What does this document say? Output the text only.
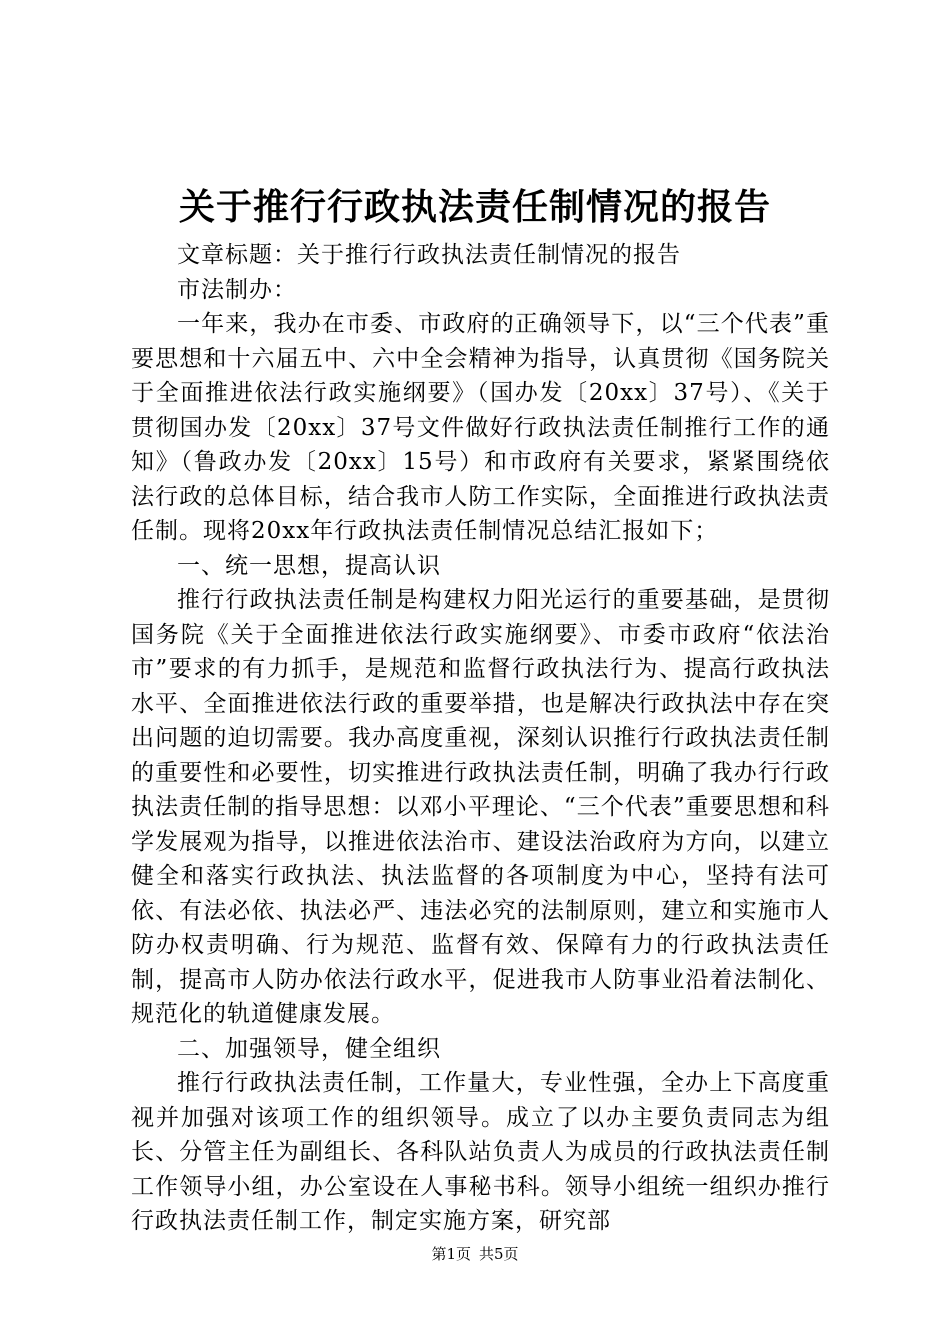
关于推行行政执法责任制情况的报告

文章标题：关于推行行政执法责任制情况的报告

市法制办：

一年来，我办在市委、市政府的正确领导下，以“三个代表”重要思想和十六届五中、六中全会精神为指导，认真贯彻《国务院关于全面推进依法行政实施纲要》（国办发〔20xx〕37号）、《关于贯彻国办发〔20xx〕37号文件做好行政执法责任制推行工作的通知》（鲁政办发〔20xx〕15号）和市政府有关要求，紧紧围绕依法行政的总体目标，结合我市人防工作实际，全面推进行政执法责任制。现将20xx年行政执法责任制情况总结汇报如下；

一、统一思想，提高认识

推行行政执法责任制是构建权力阳光运行的重要基础，是贯彻国务院《关于全面推进依法行政实施纲要》、市委市政府“依法治市”要求的有力抓手，是规范和监督行政执法行为、提高行政执法水平、全面推进依法行政的重要举措，也是解决行政执法中存在突出问题的迫切需要。我办高度重视，深刻认识推行行政执法责任制的重要性和必要性，切实推进行政执法责任制，明确了我办行行政执法责任制的指导思想：以邓小平理论、“三个代表”重要思想和科学发展观为指导，以推进依法治市、建设法治政府为方向，以建立健全和落实行政执法、执法监督的各项制度为中心，坚持有法可依、有法必依、执法必严、违法必究的法制原则，建立和实施市人防办权责明确、行为规范、监督有效、保障有力的行政执法责任制，提高市人防办依法行政水平，促进我市人防事业沿着法制化、规范化的轨道健康发展。

二、加强领导，健全组织

推行行政执法责任制，工作量大，专业性强，全办上下高度重视并加强对该项工作的组织领导。成立了以办主要负责同志为组长、分管主任为副组长、各科队站负责人为成员的行政执法责任制工作领导小组，办公室设在人事秘书科。领导小组统一组织办推行行政执法责任制工作，制定实施方案，研究部

第1页 共5页
